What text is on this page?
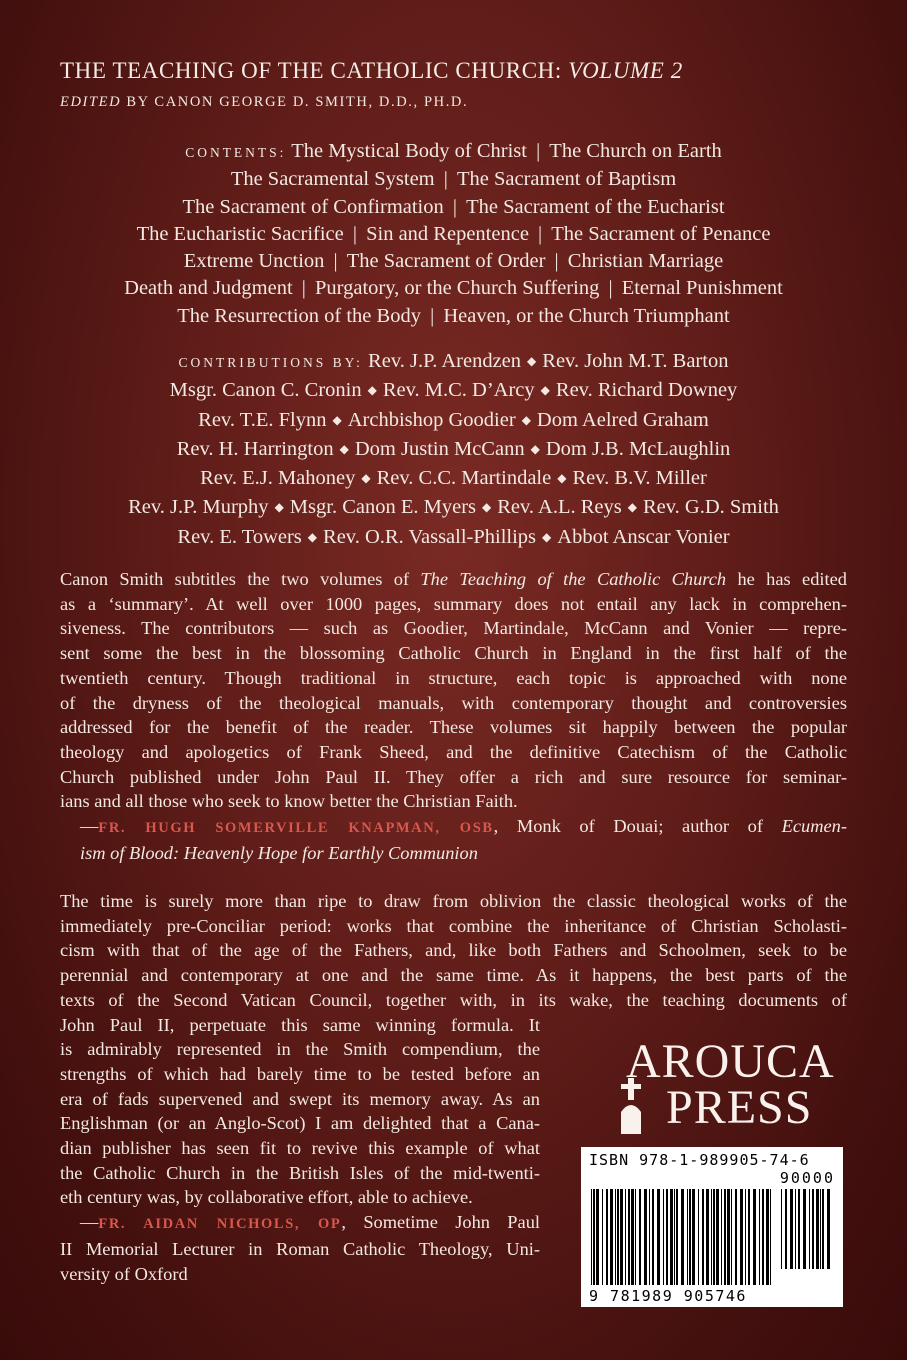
THE TEACHING OF THE CATHOLIC CHURCH: VOLUME 2
EDITED BY CANON GEORGE D. SMITH, D.D., PH.D.
CONTENTS: The Mystical Body of Christ | The Church on Earth
The Sacramental System | The Sacrament of Baptism
The Sacrament of Confirmation | The Sacrament of the Eucharist
The Eucharistic Sacrifice | Sin and Repentence | The Sacrament of Penance
Extreme Unction | The Sacrament of Order | Christian Marriage
Death and Judgment | Purgatory, or the Church Suffering | Eternal Punishment
The Resurrection of the Body | Heaven, or the Church Triumphant
CONTRIBUTIONS BY: Rev. J.P. Arendzen ◆ Rev. John M.T. Barton
Msgr. Canon C. Cronin ◆ Rev. M.C. D’Arcy ◆ Rev. Richard Downey
Rev. T.E. Flynn ◆ Archbishop Goodier ◆ Dom Aelred Graham
Rev. H. Harrington ◆ Dom Justin McCann ◆ Dom J.B. McLaughlin
Rev. E.J. Mahoney ◆ Rev. C.C. Martindale ◆ Rev. B.V. Miller
Rev. J.P. Murphy ◆ Msgr. Canon E. Myers ◆ Rev. A.L. Reys ◆ Rev. G.D. Smith
Rev. E. Towers ◆ Rev. O.R. Vassall-Phillips ◆ Abbot Anscar Vonier
Canon Smith subtitles the two volumes of The Teaching of the Catholic Church he has edited
as a ‘summary’. At well over 1000 pages, summary does not entail any lack in comprehen-
siveness. The contributors — such as Goodier, Martindale, McCann and Vonier — repre-
sent some the best in the blossoming Catholic Church in England in the first half of the
twentieth century. Though traditional in structure, each topic is approached with none
of the dryness of the theological manuals, with contemporary thought and controversies
addressed for the benefit of the reader. These volumes sit happily between the popular
theology and apologetics of Frank Sheed, and the definitive Catechism of the Catholic
Church published under John Paul II. They offer a rich and sure resource for seminar-
ians and all those who seek to know better the Christian Faith.
—FR. HUGH SOMERVILLE KNAPMAN, OSB, Monk of Douai; author of Ecumen-
ism of Blood: Heavenly Hope for Earthly Communion
The time is surely more than ripe to draw from oblivion the classic theological works of the
immediately pre-Conciliar period: works that combine the inheritance of Christian Scholasti-
cism with that of the age of the Fathers, and, like both Fathers and Schoolmen, seek to be
perennial and contemporary at one and the same time. As it happens, the best parts of the
texts of the Second Vatican Council, together with, in its wake, the teaching documents of
John Paul II, perpetuate this same winning formula. It
is admirably represented in the Smith compendium, the
strengths of which had barely time to be tested before an
era of fads supervened and swept its memory away. As an
Englishman (or an Anglo-Scot) I am delighted that a Cana-
dian publisher has seen fit to revive this example of what
the Catholic Church in the British Isles of the mid-twenti-
eth century was, by collaborative effort, able to achieve.
—FR. AIDAN NICHOLS, OP, Sometime John Paul
II Memorial Lecturer in Roman Catholic Theology, Uni-
versity of Oxford
AROUCA
PRESS
ISBN 978-1-989905-74-6
90000
9 781989 905746
